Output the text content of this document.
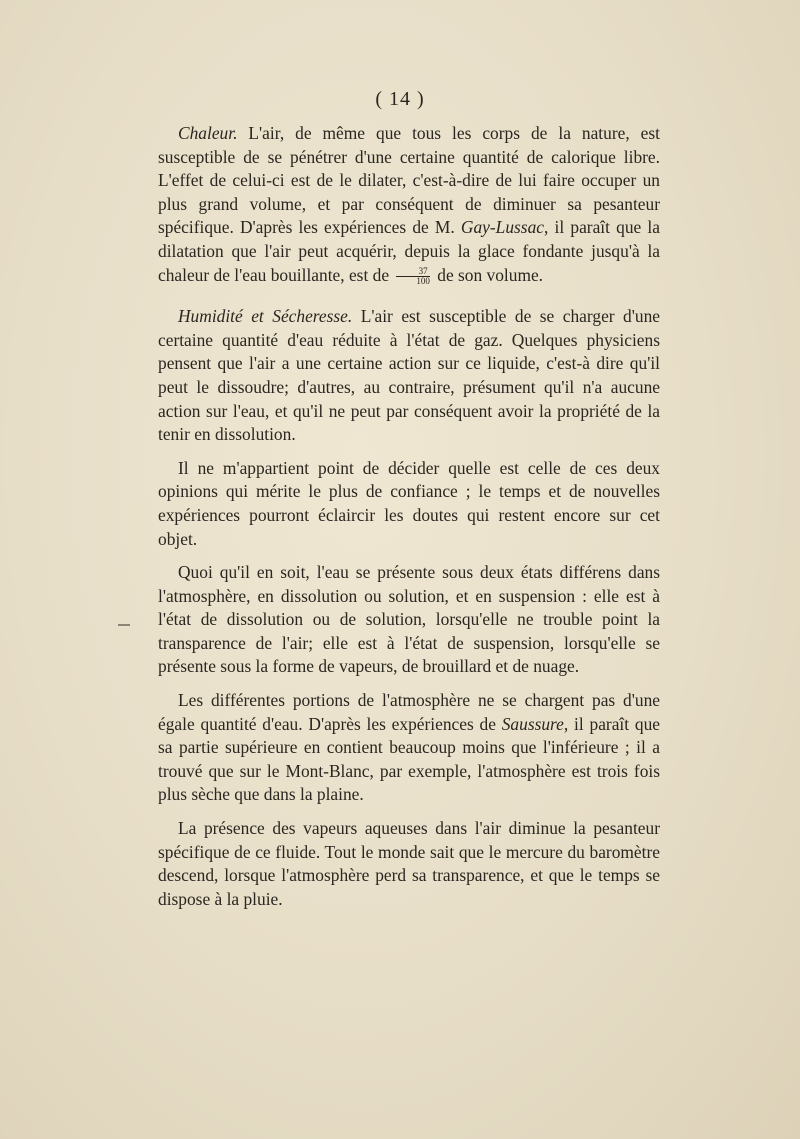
( 14 )

Chaleur. L'air, de même que tous les corps de la nature, est susceptible de se pénétrer d'une certaine quantité de calorique libre. L'effet de celui-ci est de le dilater, c'est-à-dire de lui faire occuper un plus grand volume, et par conséquent de diminuer sa pesanteur spécifique. D'après les expériences de M. Gay-Lussac, il paraît que la dilatation que l'air peut acquérir, depuis la glace fondante jusqu'à la chaleur de l'eau bouillante, est de $\frac{37}{100}$ de son volume.

Humidité et Sécheresse. L'air est susceptible de se charger d'une certaine quantité d'eau réduite à l'état de gaz. Quelques physiciens pensent que l'air a une certaine action sur ce liquide, c'est-à dire qu'il peut le dissoudre; d'autres, au contraire, présument qu'il n'a aucune action sur l'eau, et qu'il ne peut par conséquent avoir la propriété de la tenir en dissolution.

Il ne m'appartient point de décider quelle est celle de ces deux opinions qui mérite le plus de confiance ; le temps et de nouvelles expériences pourront éclaircir les doutes qui restent encore sur cet objet.

Quoi qu'il en soit, l'eau se présente sous deux états différens dans l'atmosphère, en dissolution ou solution, et en suspension : elle est à l'état de dissolution ou de solution, lorsqu'elle ne trouble point la transparence de l'air; elle est à l'état de suspension, lorsqu'elle se présente sous la forme de vapeurs, de brouillard et de nuage.

Les différentes portions de l'atmosphère ne se chargent pas d'une égale quantité d'eau. D'après les expériences de Saussure, il paraît que sa partie supérieure en contient beaucoup moins que l'inférieure ; il a trouvé que sur le Mont-Blanc, par exemple, l'atmosphère est trois fois plus sèche que dans la plaine.

La présence des vapeurs aqueuses dans l'air diminue la pesanteur spécifique de ce fluide. Tout le monde sait que le mercure du baromètre descend, lorsque l'atmosphère perd sa transparence, et que le temps se dispose à la pluie.
